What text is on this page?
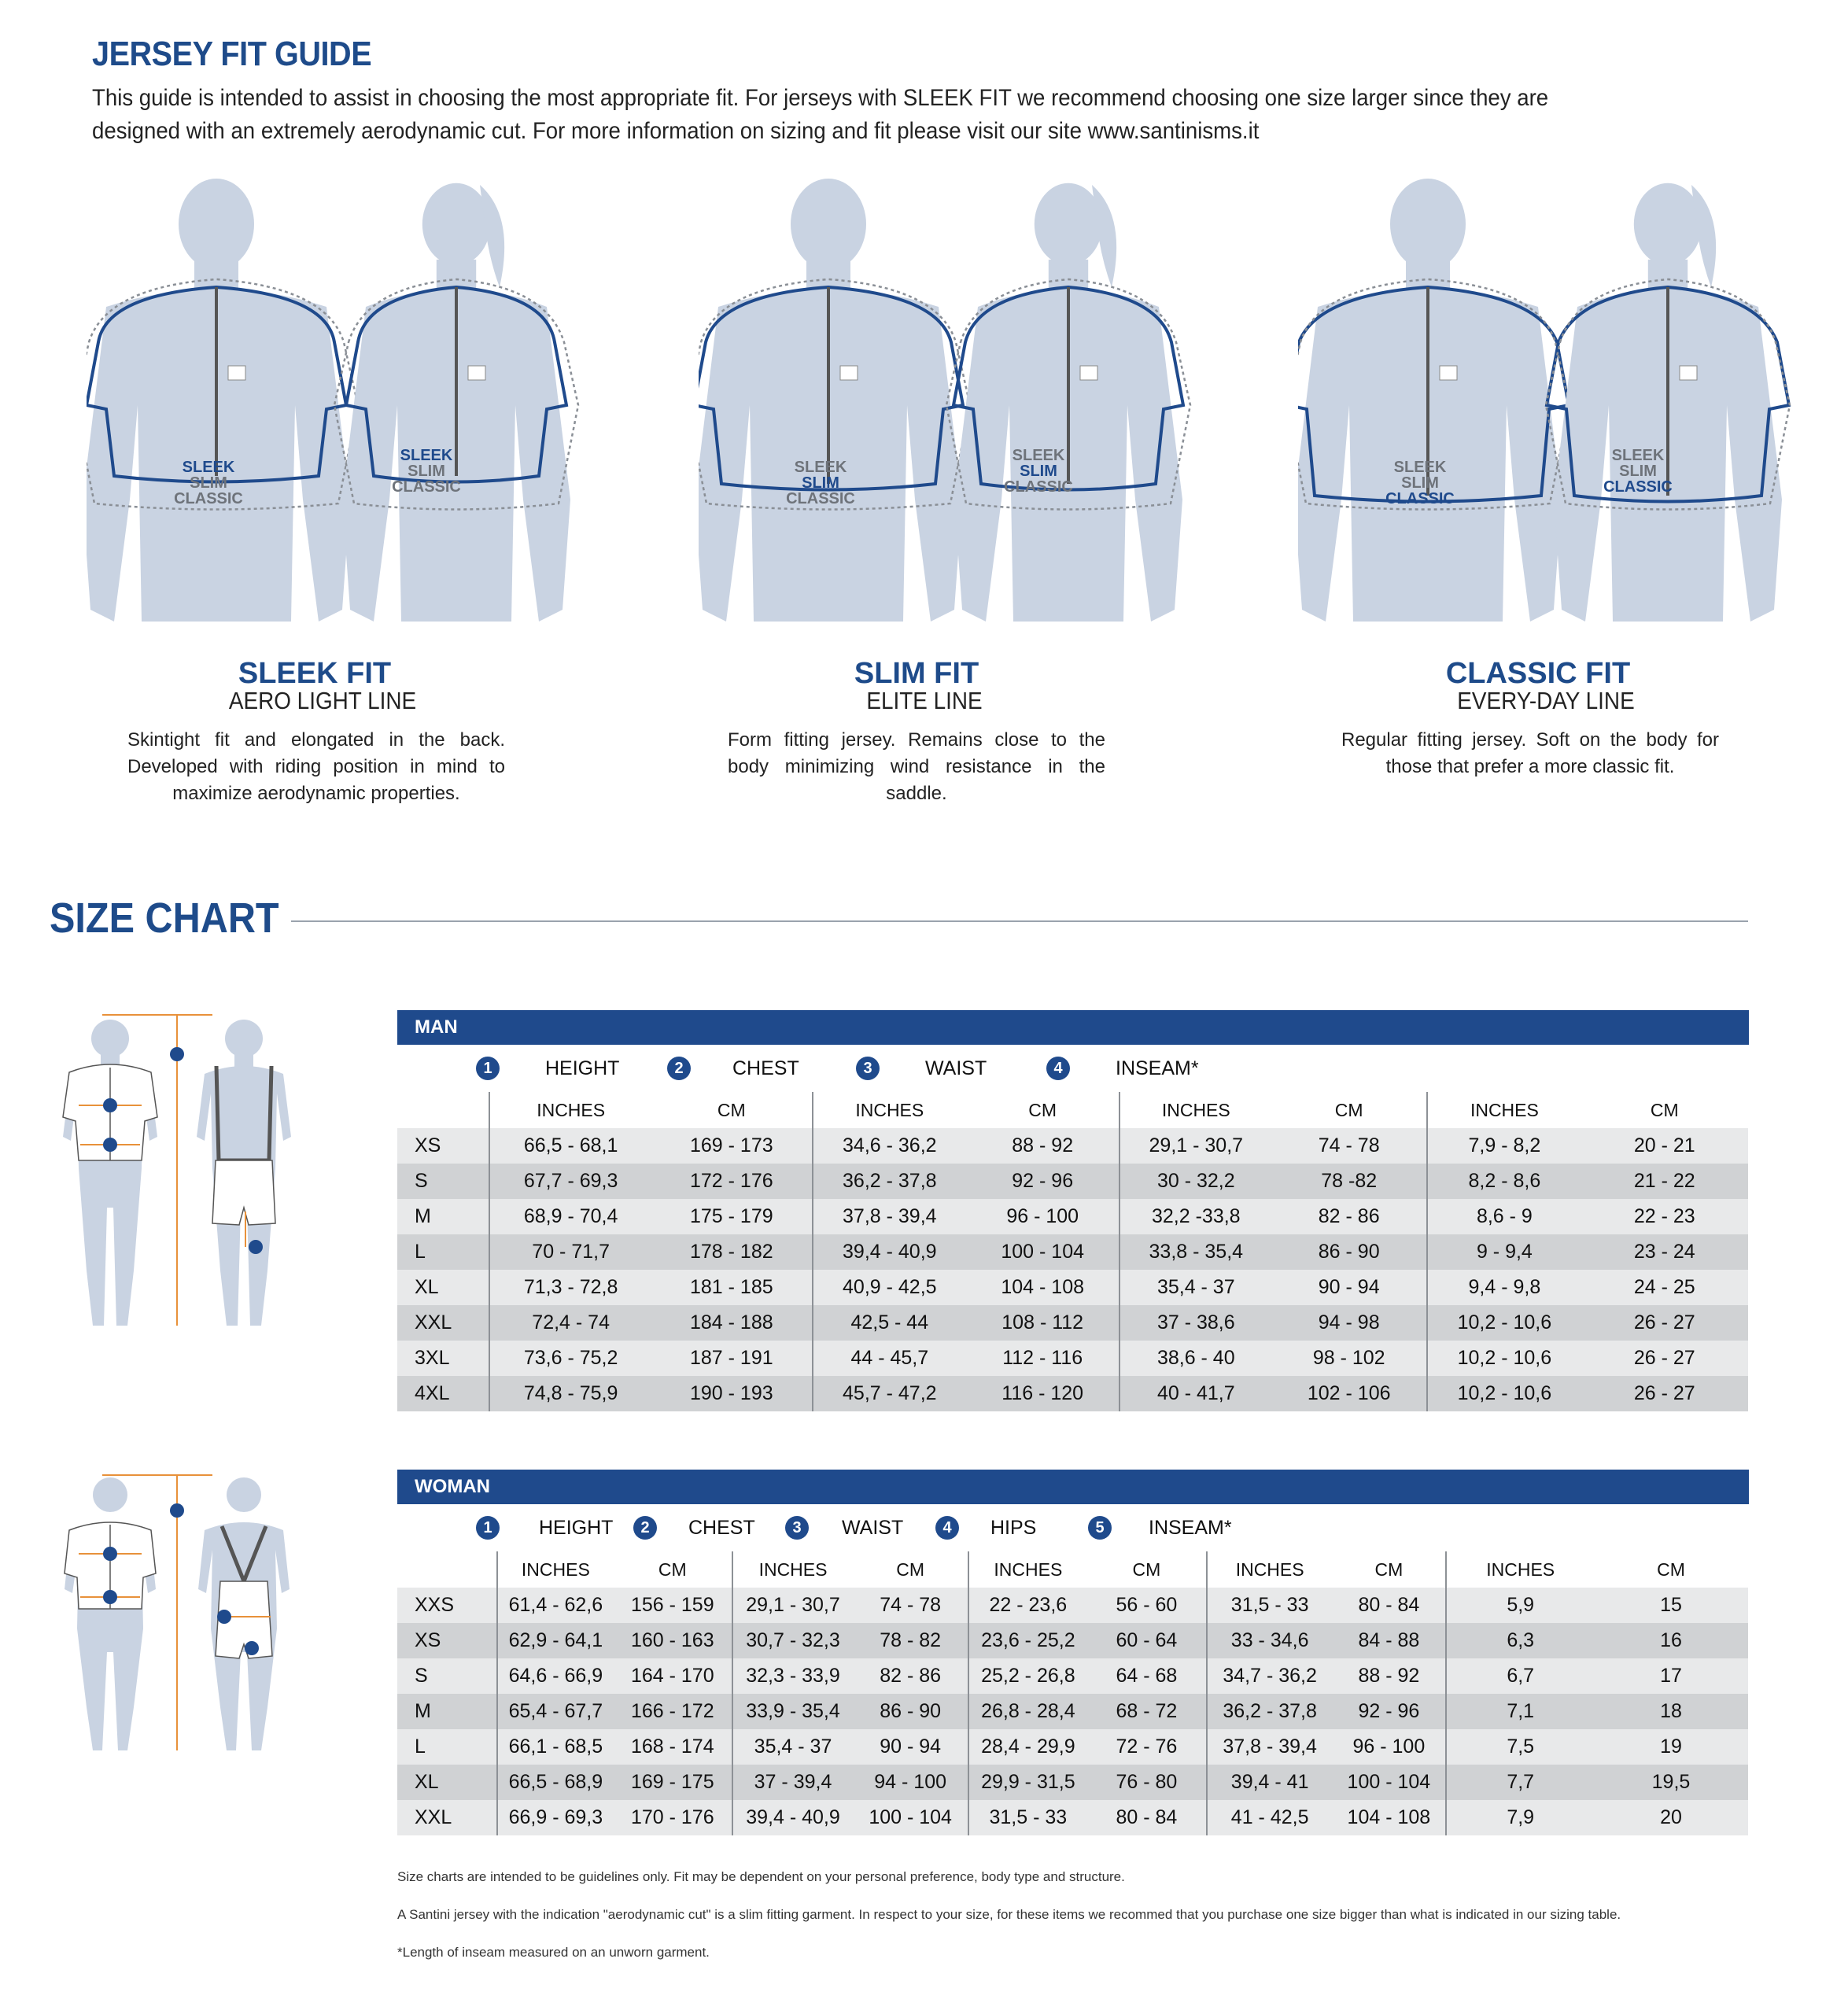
JERSEY FIT GUIDE
This guide is intended to assist in choosing the most appropriate fit. For jerseys with SLEEK FIT we recommend choosing one size larger since they are designed with an extremely aerodynamic cut. For more information on sizing and fit please visit our site www.santinisms.it
SLEEK
SLIM
CLASSIC
SLEEK
SLIM
CLASSIC
SLEEK
SLIM
CLASSIC
SLEEK
SLIM
CLASSIC
SLEEK
SLIM
CLASSIC
SLEEK
SLIM
CLASSIC
SLEEK FIT
AERO LIGHT LINE
Skintight fit and elongated in the back. Developed with riding position in mind to maximize aerodynamic properties.
SLIM FIT
ELITE LINE
Form fitting jersey. Remains close to the body minimizing wind resistance in the saddle.
CLASSIC FIT
EVERY-DAY LINE
Regular fitting jersey. Soft on the body for those that prefer a more classic fit.
SIZE CHART
MAN
1	HEIGHT	2	CHEST	3	WAIST	4	INSEAM*
	INCHES	CM	INCHES	CM	INCHES	CM	INCHES	CM
XS	66,5 - 68,1	169 - 173	34,6 - 36,2	88 - 92	29,1 - 30,7	74 - 78	7,9 - 8,2	20 - 21
S	67,7 - 69,3	172 - 176	36,2 - 37,8	92 - 96	30 - 32,2	78 -82	8,2 - 8,6	21 - 22
M	68,9 - 70,4	175 - 179	37,8 - 39,4	96 - 100	32,2 -33,8	82 - 86	8,6 - 9	22 - 23
L	70 - 71,7	178 - 182	39,4 - 40,9	100 - 104	33,8 - 35,4	86 - 90	9 - 9,4	23 - 24
XL	71,3 - 72,8	181 - 185	40,9 - 42,5	104 - 108	35,4 - 37	90 - 94	9,4 - 9,8	24 - 25
XXL	72,4 - 74	184 - 188	42,5 - 44	108 - 112	37 - 38,6	94 - 98	10,2 - 10,6	26 - 27
3XL	73,6 - 75,2	187 - 191	44 - 45,7	112 - 116	38,6 - 40	98 - 102	10,2 - 10,6	26 - 27
4XL	74,8 - 75,9	190 - 193	45,7 - 47,2	116 - 120	40 - 41,7	102 - 106	10,2 - 10,6	26 - 27
WOMAN
1	HEIGHT	2	CHEST	3	WAIST	4	HIPS	5	INSEAM*
	INCHES	CM	INCHES	CM	INCHES	CM	INCHES	CM	INCHES	CM
XXS	61,4 - 62,6	156 - 159	29,1 - 30,7	74 - 78	22 - 23,6	56 - 60	31,5 - 33	80 - 84	5,9	15
XS	62,9 - 64,1	160 - 163	30,7 - 32,3	78 - 82	23,6 - 25,2	60 - 64	33 - 34,6	84 - 88	6,3	16
S	64,6 - 66,9	164 - 170	32,3 - 33,9	82 - 86	25,2 - 26,8	64 - 68	34,7 - 36,2	88 - 92	6,7	17
M	65,4 - 67,7	166 - 172	33,9 - 35,4	86 - 90	26,8 - 28,4	68 - 72	36,2 - 37,8	92 - 96	7,1	18
L	66,1 - 68,5	168 - 174	35,4 - 37	90 - 94	28,4 - 29,9	72 - 76	37,8 - 39,4	96 - 100	7,5	19
XL	66,5 - 68,9	169 - 175	37 - 39,4	94 - 100	29,9 - 31,5	76 - 80	39,4 - 41	100 - 104	7,7	19,5
XXL	66,9 - 69,3	170 - 176	39,4 - 40,9	100 - 104	31,5 - 33	80 - 84	41 - 42,5	104 - 108	7,9	20
Size charts are intended to be guidelines only. Fit may be dependent on your personal preference, body type and structure.
A Santini jersey with the indication "aerodynamic cut" is a slim fitting garment. In respect to your size, for these items we recommed that you purchase one size bigger than what is indicated in our sizing table.
*Length of inseam measured on an unworn garment.
